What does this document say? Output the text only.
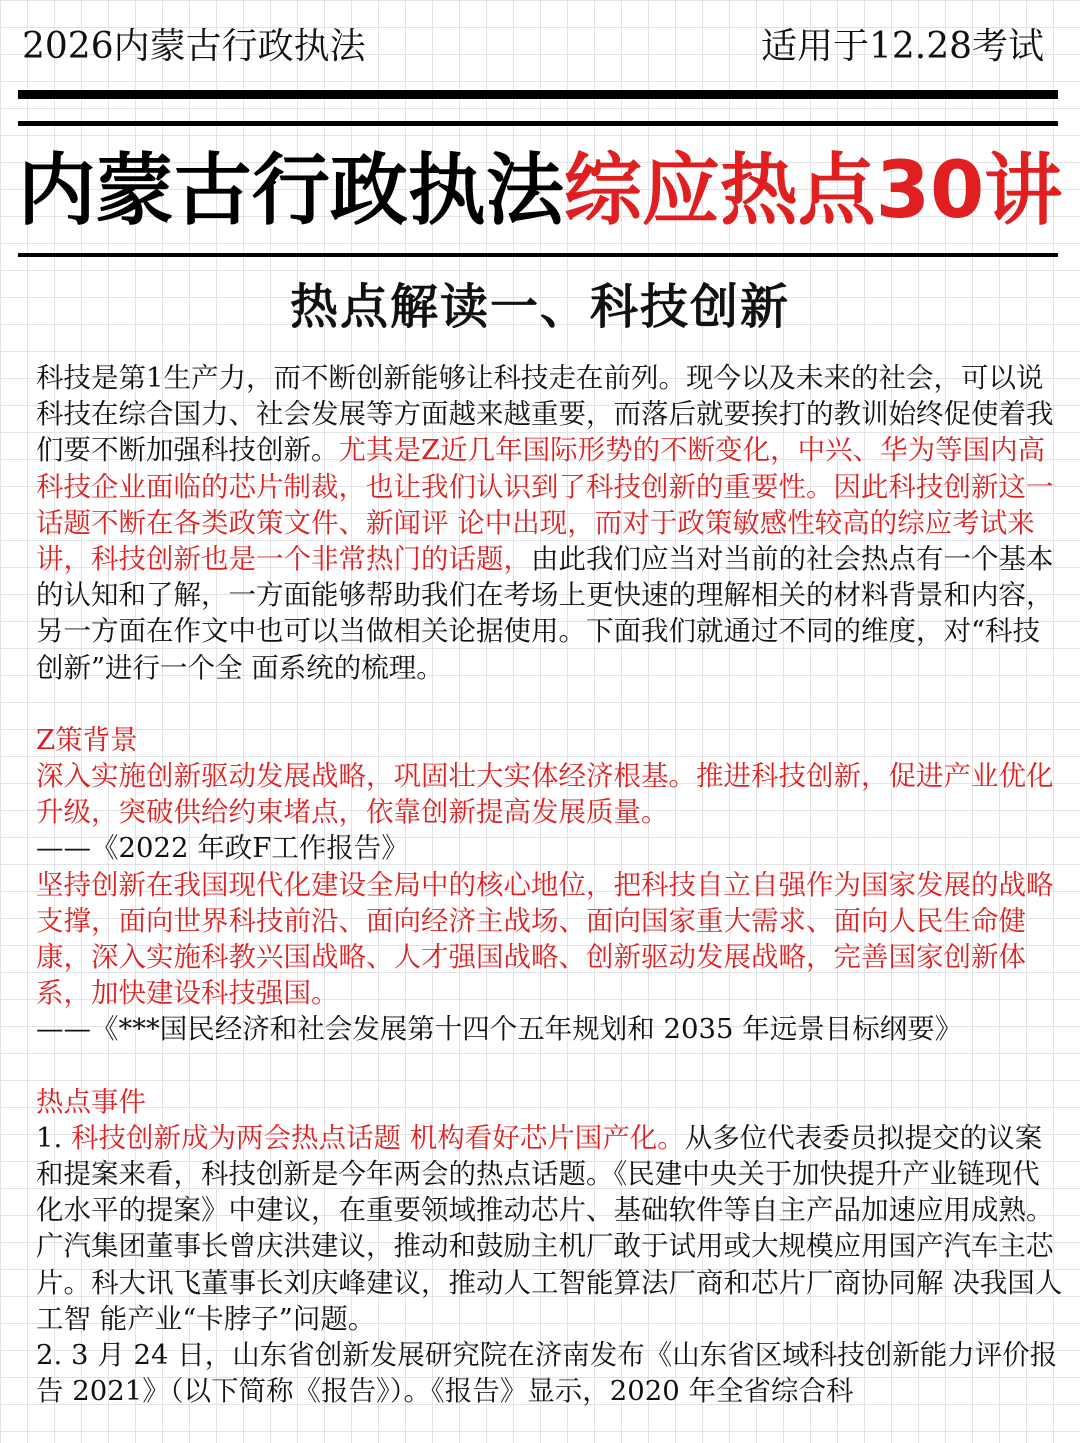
2026内蒙古行政执法	适用于12.28考试
内蒙古行政执法综应热点30讲
热点解读一、科技创新

科技是第1生产力，而不断创新能够让科技走在前列。现今以及未来的社会，可以说科技在综合国力、社会发展等方面越来越重要，而落后就要挨打的教训始终促使着我们要不断加强科技创新。尤其是Z近几年国际形势的不断变化，中兴、华为等国内高科技企业面临的芯片制裁，也让我们认识到了科技创新的重要性。因此科技创新这一话题不断在各类政策文件、新闻评 论中出现，而对于政策敏感性较高的综应考试来讲，科技创新也是一个非常热门的话题，由此我们应当对当前的社会热点有一个基本的认知和了解，一方面能够帮助我们在考场上更快速的理解相关的材料背景和内容，另一方面在作文中也可以当做相关论据使用。下面我们就通过不同的维度，对“科技创新”进行一个全 面系统的梳理。

Z策背景

深入实施创新驱动发展战略，巩固壮大实体经济根基。推进科技创新，促进产业优化升级，突破供给约束堵点，依靠创新提高发展质量。

——《2022 年政F工作报告》

坚持创新在我国现代化建设全局中的核心地位，把科技自立自强作为国家发展的战略支撑，面向世界科技前沿、面向经济主战场、面向国家重大需求、面向人民生命健康，深入实施科教兴国战略、人才强国战略、创新驱动发展战略，完善国家创新体系，加快建设科技强国。

——《***国民经济和社会发展第十四个五年规划和 2035 年远景目标纲要》

热点事件

1. 科技创新成为两会热点话题 机构看好芯片国产化。从多位代表委员拟提交的议案和提案来看，科技创新是今年两会的热点话题。《民建中央关于加快提升产业链现代化水平的提案》中建议，在重要领域推动芯片、基础软件等自主产品加速应用成熟。广汽集团董事长曾庆洪建议，推动和鼓励主机厂敢于试用或大规模应用国产汽车主芯片。科大讯飞董事长刘庆峰建议，推动人工智能算法厂商和芯片厂商协同解 决我国人工智 能产业“卡脖子”问题。

2. 3 月 24 日，山东省创新发展研究院在济南发布《山东省区域科技创新能力评价报告 2021》（以下简称《报告》）。《报告》显示，2020 年全省综合科
